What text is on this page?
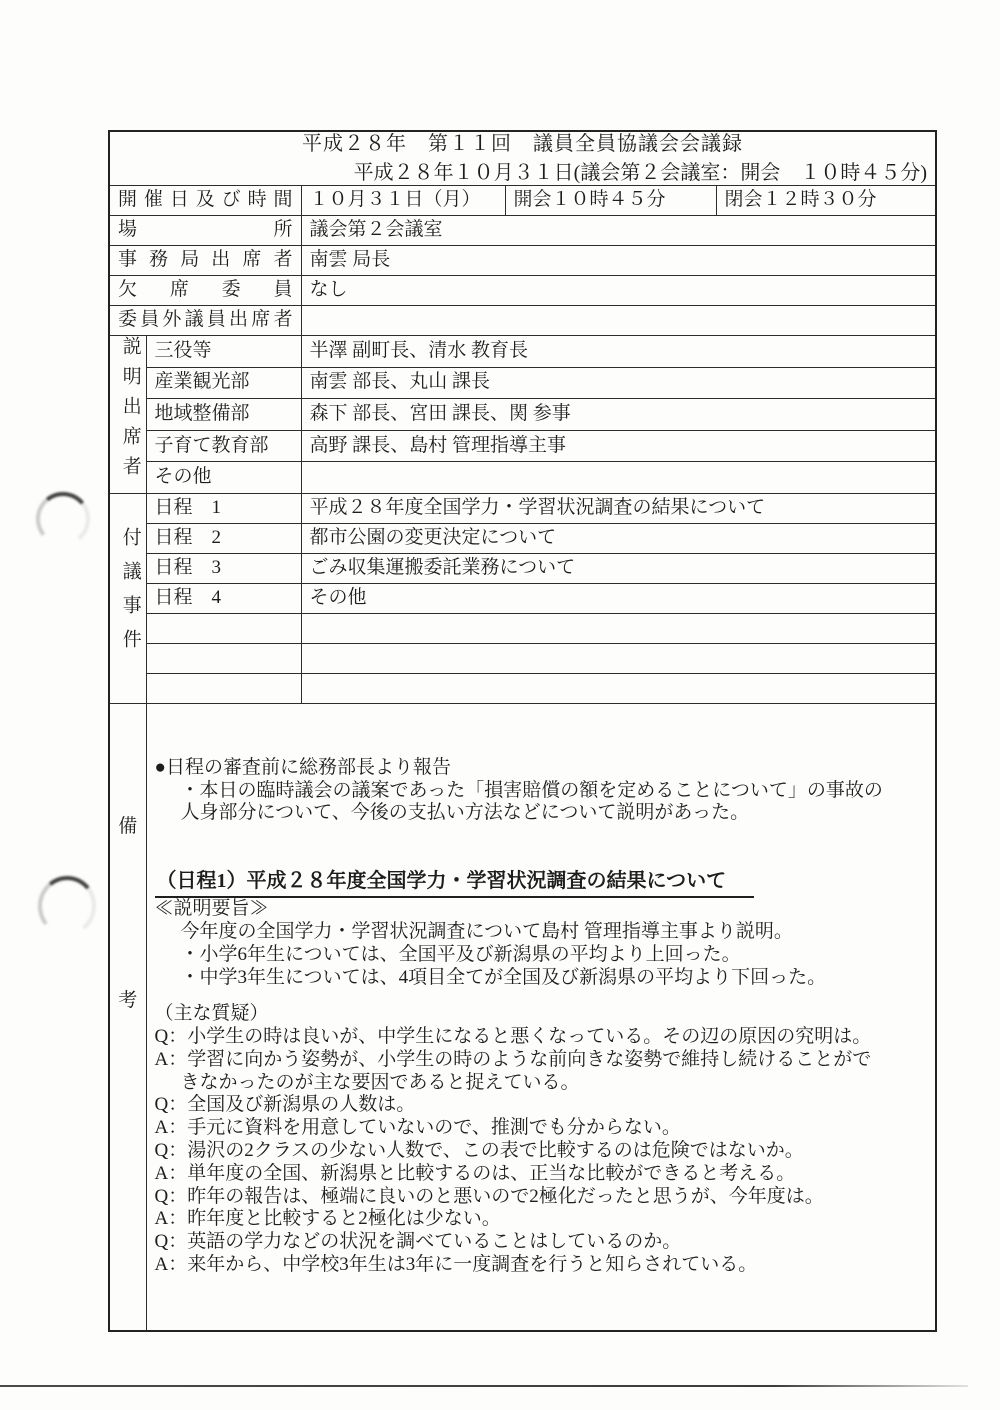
平成２８年　第１１回　議員全員協議会会議録
平成２８年１０月３１日(議会第２会議室：開会　１０時４５分)				

開催日及び時間		１０月３１日（月）	開会１０時４５分	閉会１２時３０分
場所		議会第２会議室		
事務局出席者		南雲 局長		
欠席委員		なし		
委員外議員出席者				
説明出席者	三役等	半澤 副町長、清水 教育長		
	産業観光部	南雲 部長、丸山 課長		
	地域整備部	森下 部長、宮田 課長、関 参事		
	子育て教育部	高野 課長、島村 管理指導主事		
	その他			
付議事件	日程　1	平成２８年度全国学力・学習状況調査の結果について		
	日程　2	都市公園の変更決定について		
	日程　3	ごみ収集運搬委託業務について		
	日程　4	その他		

備
考

●日程の審査前に総務部長より報告

・本日の臨時議会の議案であった「損害賠償の額を定めることについて」の事故の

人身部分について、今後の支払い方法などについて説明があった。

（日程1）平成２８年度全国学力・学習状況調査の結果について

≪説明要旨≫

今年度の全国学力・学習状況調査について島村 管理指導主事より説明。

・小学6年生については、全国平及び新潟県の平均より上回った。

・中学3年生については、4項目全てが全国及び新潟県の平均より下回った。

（主な質疑）

Q：小学生の時は良いが、中学生になると悪くなっている。その辺の原因の究明は。

A：学習に向かう姿勢が、小学生の時のような前向きな姿勢で維持し続けることがで

きなかったのが主な要因であると捉えている。

Q：全国及び新潟県の人数は。

A：手元に資料を用意していないので、推測でも分からない。

Q：湯沢の2クラスの少ない人数で、この表で比較するのは危険ではないか。

A：単年度の全国、新潟県と比較するのは、正当な比較ができると考える。

Q：昨年の報告は、極端に良いのと悪いので2極化だったと思うが、今年度は。

A：昨年度と比較すると2極化は少ない。

Q：英語の学力などの状況を調べていることはしているのか。

A：来年から、中学校3年生は3年に一度調査を行うと知らされている。
